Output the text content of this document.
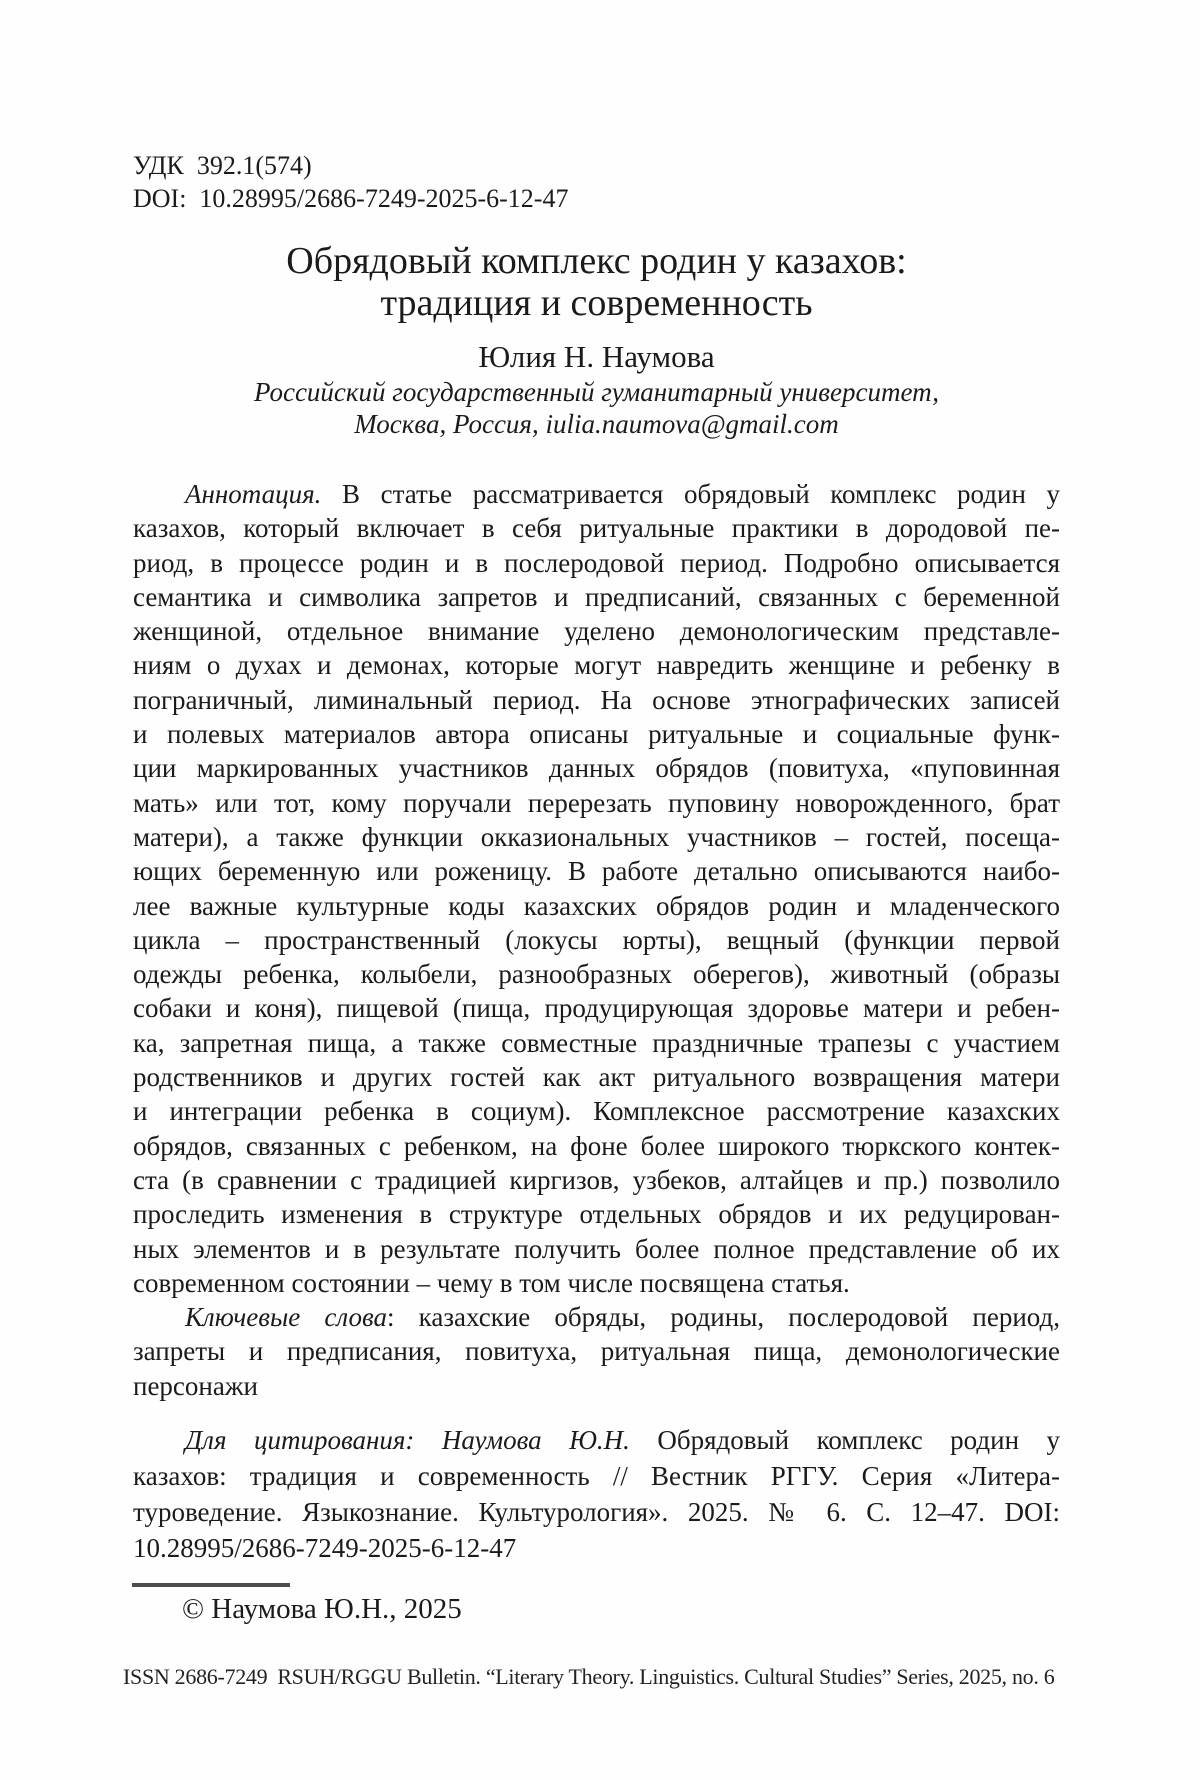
УДК 392.1(574)
DOI: 10.28995/2686-7249-2025-6-12-47
Обрядовый комплекс родин у казахов:
традиция и современность
Юлия Н. Наумова
Российский государственный гуманитарный университет,
Москва, Россия, iulia.naumova@gmail.com
Аннотация. В статье рассматривается обрядовый комплекс родин у
казахов, который включает в себя ритуальные практики в дородовой пе-
риод, в процессе родин и в послеродовой период. Подробно описывается
семантика и символика запретов и предписаний, связанных с беременной
женщиной, отдельное внимание уделено демонологическим представле-
ниям о духах и демонах, которые могут навредить женщине и ребенку в
пограничный, лиминальный период. На основе этнографических записей
и полевых материалов автора описаны ритуальные и социальные функ-
ции маркированных участников данных обрядов (повитуха, «пуповинная
мать» или тот, кому поручали перерезать пуповину новорожденного, брат
матери), а также функции окказиональных участников – гостей, посеща-
ющих беременную или роженицу. В работе детально описываются наибо-
лее важные культурные коды казахских обрядов родин и младенческого
цикла – пространственный (локусы юрты), вещный (функции первой
одежды ребенка, колыбели, разнообразных оберегов), животный (образы
собаки и коня), пищевой (пища, продуцирующая здоровье матери и ребен-
ка, запретная пища, а также совместные праздничные трапезы с участием
родственников и других гостей как акт ритуального возвращения матери
и интеграции ребенка в социум). Комплексное рассмотрение казахских
обрядов, связанных с ребенком, на фоне более широкого тюркского контек-
ста (в сравнении с традицией киргизов, узбеков, алтайцев и пр.) позволило
проследить изменения в структуре отдельных обрядов и их редуцирован-
ных элементов и в результате получить более полное представление об их
современном состоянии – чему в том числе посвящена статья.
Ключевые слова: казахские обряды, родины, послеродовой период,
запреты и предписания, повитуха, ритуальная пища, демонологические
персонажи
Для цитирования: Наумова Ю.Н. Обрядовый комплекс родин у
казахов: традиция и современность // Вестник РГГУ. Серия «Литера-
туроведение. Языкознание. Культурология». 2025. № 6. С. 12–47. DOI:
10.28995/2686-7249-2025-6-12-47
© Наумова Ю.Н., 2025
ISSN 2686-7249 RSUH/RGGU Bulletin. “Literary Theory. Linguistics. Cultural Studies” Series, 2025, no. 6
